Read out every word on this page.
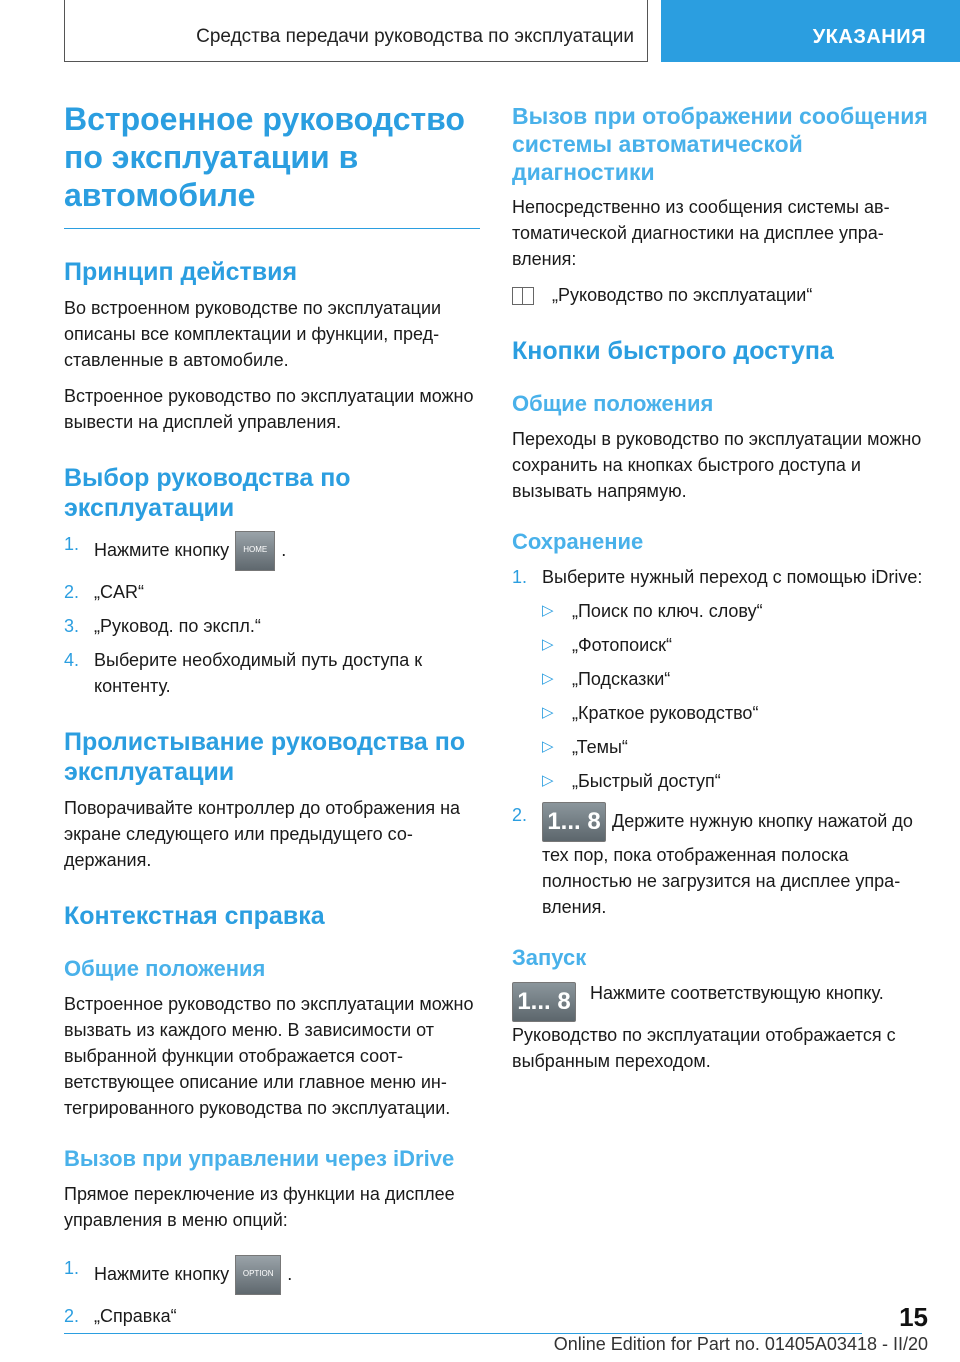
Средства передачи руководства по эксплуатации	УКАЗАНИЯ
Встроенное руководство по эксплуатации в автомобиле
Принцип действия

Во встроенном руководстве по эксплуатации описаны все комплектации и функции, представленные в автомобиле.

Встроенное руководство по эксплуатации можно вывести на дисплей управления.

Выбор руководства по эксплуатации
1. Нажмите кнопку HOME .
2. „CAR“
3. „Руковод. по экспл.“
4. Выберите необходимый путь доступа к контенту.
Пролистывание руководства по эксплуатации

Поворачивайте контроллер до отображения на экране следующего или предыдущего содержания.

Контекстная справка
Общие положения

Встроенное руководство по эксплуатации можно вызвать из каждого меню. В зависимости от выбранной функции отображается соответствующее описание или главное меню интегрированного руководства по эксплуатации.

Вызов при управлении через iDrive

Прямое переключение из функции на дисплее управления в меню опций:

1. Нажмите кнопку OPTION .
2. „Справка“
Вызов при отображении сообщения системы автоматической диагностики

Непосредственно из сообщения системы автоматической диагностики на дисплее управления:

„Руководство по эксплуатации“

Кнопки быстрого доступа
Общие положения

Переходы в руководство по эксплуатации можно сохранить на кнопках быстрого доступа и вызывать напрямую.

Сохранение
1. Выберите нужный переход с помощью iDrive:
▷ „Поиск по ключ. слову“
▷ „Фотопоиск“
▷ „Подсказки“
▷ „Краткое руководство“
▷ „Темы“
▷ „Быстрый доступ“
2. 1... 8 Держите нужную кнопку нажатой до тех пор, пока отображенная полоска полностью не загрузится на дисплее управления.
Запуск
1... 8 Нажмите соответствующую кнопку.

Руководство по эксплуатации отображается с выбранным переходом.

15
Online Edition for Part no. 01405A03418 - II/20
